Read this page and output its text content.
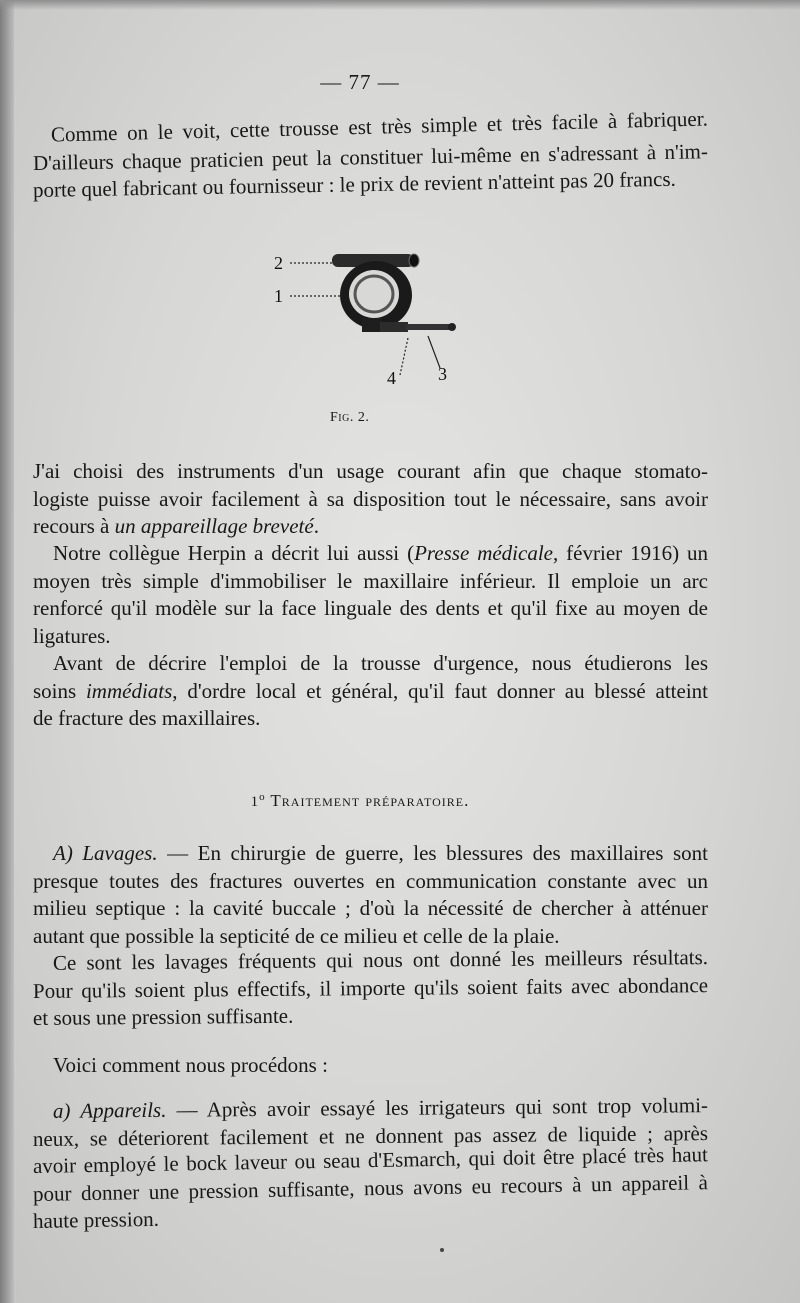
— 77 —
Comme on le voit, cette trousse est très simple et très facile à fabriquer.
D'ailleurs chaque praticien peut la constituer lui-même en s'adressant à n'im-
porte quel fabricant ou fournisseur : le prix de revient n'atteint pas 20 francs.
2
1
4 3
Fig. 2.
J'ai choisi des instruments d'un usage courant afin que chaque stomato-
logiste puisse avoir facilement à sa disposition tout le nécessaire, sans avoir
recours à un appareillage breveté.
Notre collègue Herpin a décrit lui aussi (Presse médicale, février 1916) un
moyen très simple d'immobiliser le maxillaire inférieur. Il emploie un arc
renforcé qu'il modèle sur la face linguale des dents et qu'il fixe au moyen de
ligatures.
Avant de décrire l'emploi de la trousse d'urgence, nous étudierons les
soins immédiats, d'ordre local et général, qu'il faut donner au blessé atteint
de fracture des maxillaires.
1$^o$ Traitement préparatoire.
A) Lavages. — En chirurgie de guerre, les blessures des maxillaires sont
presque toutes des fractures ouvertes en communication constante avec un
milieu septique : la cavité buccale ; d'où la nécessité de chercher à atténuer
autant que possible la septicité de ce milieu et celle de la plaie.
Ce sont les lavages fréquents qui nous ont donné les meilleurs résultats.
Pour qu'ils soient plus effectifs, il importe qu'ils soient faits avec abondance
et sous une pression suffisante.
Voici comment nous procédons :
a) Appareils. — Après avoir essayé les irrigateurs qui sont trop volumi-
neux, se déteriorent facilement et ne donnent pas assez de liquide ; après
avoir employé le bock laveur ou seau d'Esmarch, qui doit être placé très haut
pour donner une pression suffisante, nous avons eu recours à un appareil à
haute pression.
